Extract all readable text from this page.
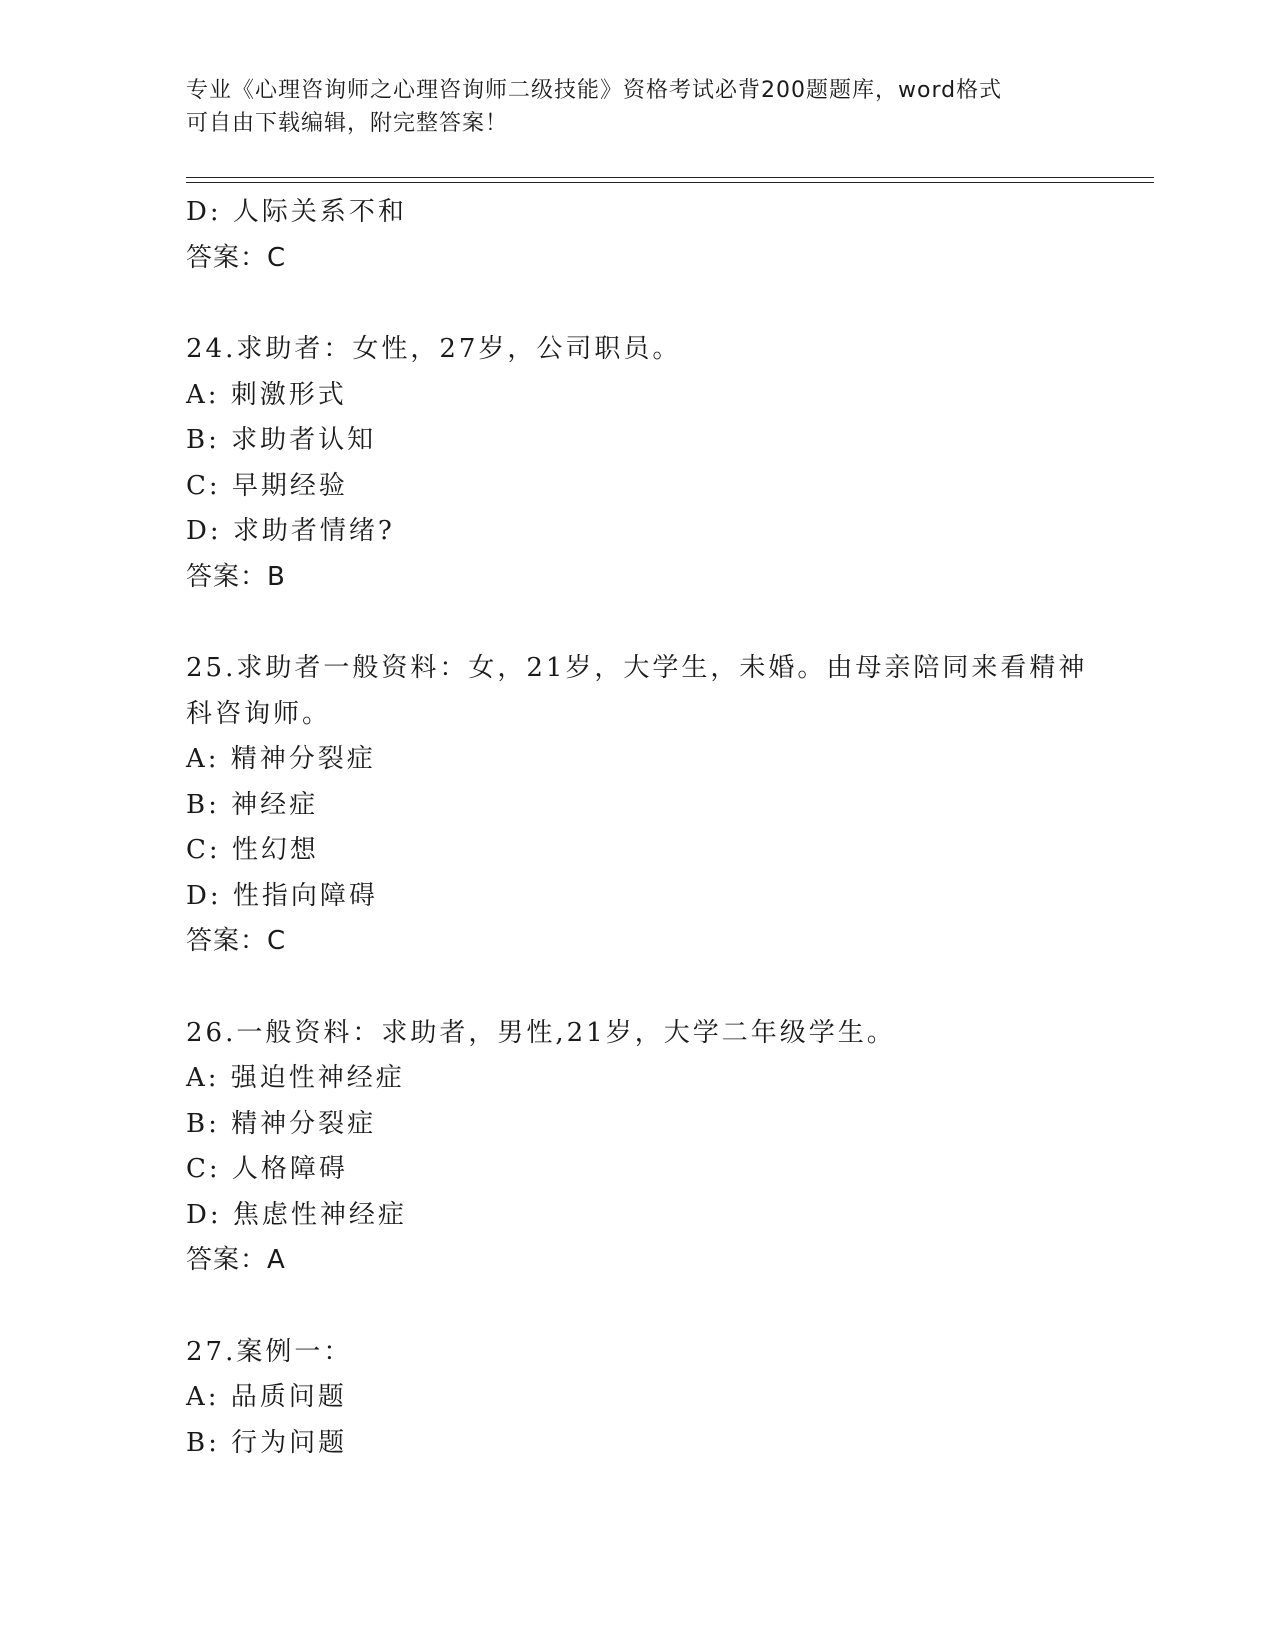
专业《心理咨询师之心理咨询师二级技能》资格考试必背200题题库，word格式
可自由下载编辑，附完整答案！
D: 人际关系不和
答案：C
24.求助者：女性，27岁，公司职员。
A: 刺激形式
B: 求助者认知
C: 早期经验
D: 求助者情绪?
答案：B
25.求助者一般资料：女，21岁，大学生，未婚。由母亲陪同来看精神
科咨询师。
A: 精神分裂症
B: 神经症
C: 性幻想
D: 性指向障碍
答案：C
26.一般资料：求助者，男性,21岁，大学二年级学生。
A: 强迫性神经症
B: 精神分裂症
C: 人格障碍
D: 焦虑性神经症
答案：A
27.案例一：
A: 品质问题
B: 行为问题
